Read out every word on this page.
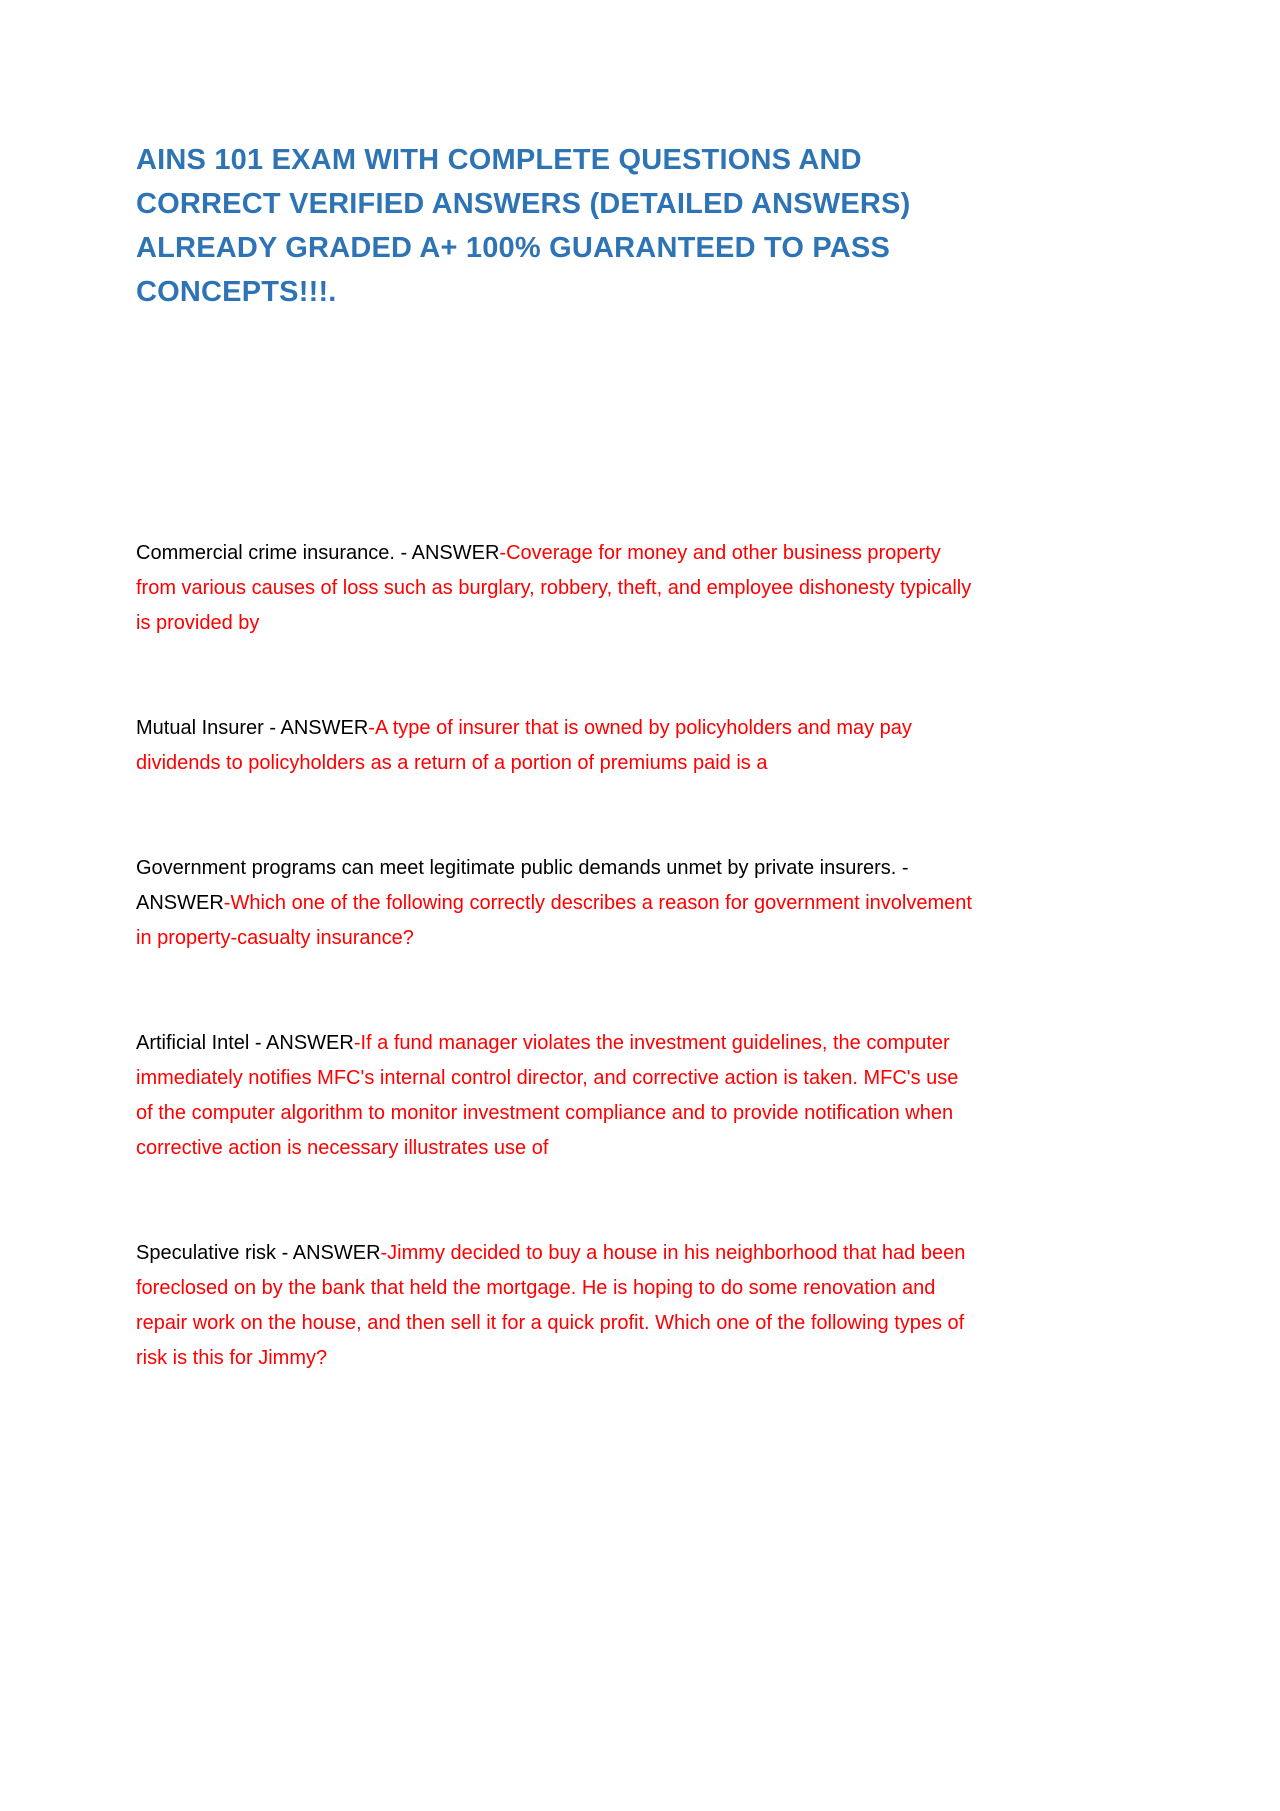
AINS 101 EXAM WITH COMPLETE QUESTIONS AND CORRECT VERIFIED ANSWERS (DETAILED ANSWERS) ALREADY GRADED A+ 100% GUARANTEED TO PASS CONCEPTS!!!.

Commercial crime insurance. - ANSWER-Coverage for money and other business property from various causes of loss such as burglary, robbery, theft, and employee dishonesty typically is provided by

Mutual Insurer - ANSWER-A type of insurer that is owned by policyholders and may pay dividends to policyholders as a return of a portion of premiums paid is a

Government programs can meet legitimate public demands unmet by private insurers. - ANSWER-Which one of the following correctly describes a reason for government involvement in property-casualty insurance?

Artificial Intel - ANSWER-If a fund manager violates the investment guidelines, the computer immediately notifies MFC's internal control director, and corrective action is taken. MFC's use of the computer algorithm to monitor investment compliance and to provide notification when corrective action is necessary illustrates use of

Speculative risk - ANSWER-Jimmy decided to buy a house in his neighborhood that had been foreclosed on by the bank that held the mortgage. He is hoping to do some renovation and repair work on the house, and then sell it for a quick profit. Which one of the following types of risk is this for Jimmy?
